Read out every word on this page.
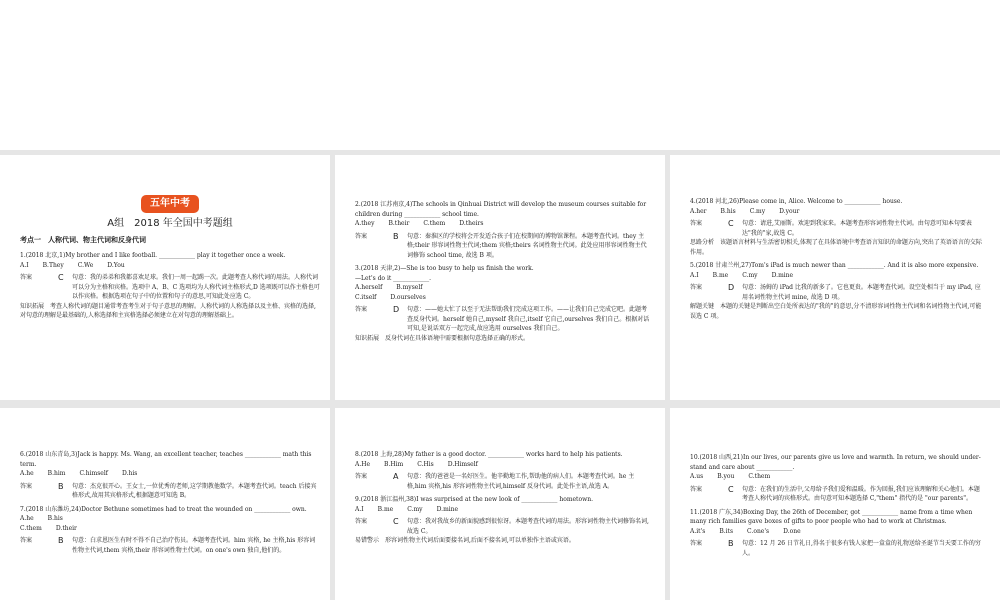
五年中考

A组　2018 年全国中考题组

考点一　人称代词、物主代词和反身代词

1.(2018 北京,1)My brother and I like football. ____________ play it together once a week.

A.I B.They C.We D.You
答案	C	句意：我的弟弟和我都喜欢足球。我们一周一起踢一次。此题考查人称代词的用法。人称代词可以分为主格和宾格。选项中 A、B、C 选项均为人称代词主格形式,D 选项既可以作主格也可以作宾格。根据选项在句子中的位置和句子的意思,可知此处应选 C。

知识拓展　考查人称代词的题目通常考查考生对于句子意思的理解。人称代词的人称选择以及主格、宾格的选择,对句意的理解是最基础的,人称选择和主宾格选择必须建立在对句意的理解基础上。

2.(2018 江苏南京,4)The schools in Qinhuai District will develop the museum courses suitable for children during ____________ school time.

A.they B.their C.them D.theirs
答案	B	句意：秦淮区的学校将会开发适合孩子们在校期间的博物馆课程。本题考查代词。they 主格;their 形容词性物主代词;them 宾格;theirs 名词性物主代词。此处应用形容词性物主代词修饰 school time, 故选 B 项。

3.(2018 天津,2)—She is too busy to help us finish the work.
—Let's do it ____________.

A.herself B.myself
C.itself D.ourselves
答案	D	句意：——她太忙了以至于无法帮助我们完成这项工作。——让我们自己完成它吧。此题考查反身代词。herself 她自己,myself 我自己,itself 它自己,ourselves 我们自己。根据对话可知,是说话双方一起完成,故应选用 ourselves 我们自己。

知识拓展　反身代词在具体语境中需要根据句意选择正确的形式。

4.(2018 河北,26)Please come in, Alice. Welcome to ____________ house.

A.her B.his C.my D.your
答案	C	句意：请进,艾丽斯。欢迎到我家来。本题考查形容词性物主代词。由句意可知本句要表达"我的"家,故选 C。

思路分析　该题语言材料与生活密切相关,体现了在具体语境中考查语言知识的命题方向,突出了英语语言的交际作用。

5.(2018 甘肃兰州,27)Tom's iPad is much newer than ____________. And it is also more expensive.

A.I B.me C.my D.mine
答案	D	句意：汤姆的 iPad 比我的新多了。它也更贵。本题考查代词。设空处相当于 my iPad, 应用名词性物主代词 mine, 故选 D 项。

解题关键　本题的关键是判断出空白处所表达的"我的"的意思,分不清形容词性物主代词和名词性物主代词,可能误选 C 项。

6.(2018 山东青岛,3)Jack is happy. Ms. Wang, an excellent teacher, teaches ____________ math this term.

A.he B.him C.himself D.his
答案	B	句意：杰克很开心。王女士,一位优秀的老师,这学期教他数学。本题考查代词。teach 后接宾格形式,故用其宾格形式,根据题意可知选 B。

7.(2018 山东潍坊,24)Doctor Bethune sometimes had to treat the wounded on ____________ own.

A.he B.his
C.them D.their
答案	B	句意：白求恩医生有时不得不自己治疗伤员。本题考查代词。him 宾格, he 主格,his 形容词性物主代词,them 宾格,their 形容词性物主代词。on one's own 独自,他们的。

8.(2018 上海,28)My father is a good doctor. ____________ works hard to help his patients.

A.He B.Him C.His D.Himself
答案	A	句意：我的爸爸是一名好医生。他辛勤地工作,帮助他的病人们。本题考查代词。he 主格,him 宾格,his 形容词性物主代词,himself 反身代词。此处作主语,故选 A。

9.(2018 浙江温州,38)I was surprised at the new look of ____________ hometown.

A.I B.me C.my D.mine
答案	C	句意：我对我故乡的新面貌感到很惊讶。本题考查代词的用法。形容词性物主代词修饰名词,故选 C。

易错警示　形容词性物主代词后面要接名词,后面不接名词,可以单独作主语或宾语。

10.(2018 山西,21)In our lives, our parents give us love and warmth. In return, we should under-stand and care about ____________.

A.us B.you C.them
答案	C	句意：在我们的生活中,父母给予我们爱和温暖。作为回报,我们应该理解和关心他们。本题考查人称代词的宾格形式。由句意可知本题选择 C,"them" 指代的是 "our parents"。

11.(2018 广东,34)Boxing Day, the 26th of December, got ____________ name from a time when many rich families gave boxes of gifts to poor people who had to work at Christmas.

A.it's B.its C.one's D.one
答案	B	句意：12 月 26 日节礼日,得名于很多有钱人家把一盒盒的礼物送给圣诞节当天要工作的穷人。
